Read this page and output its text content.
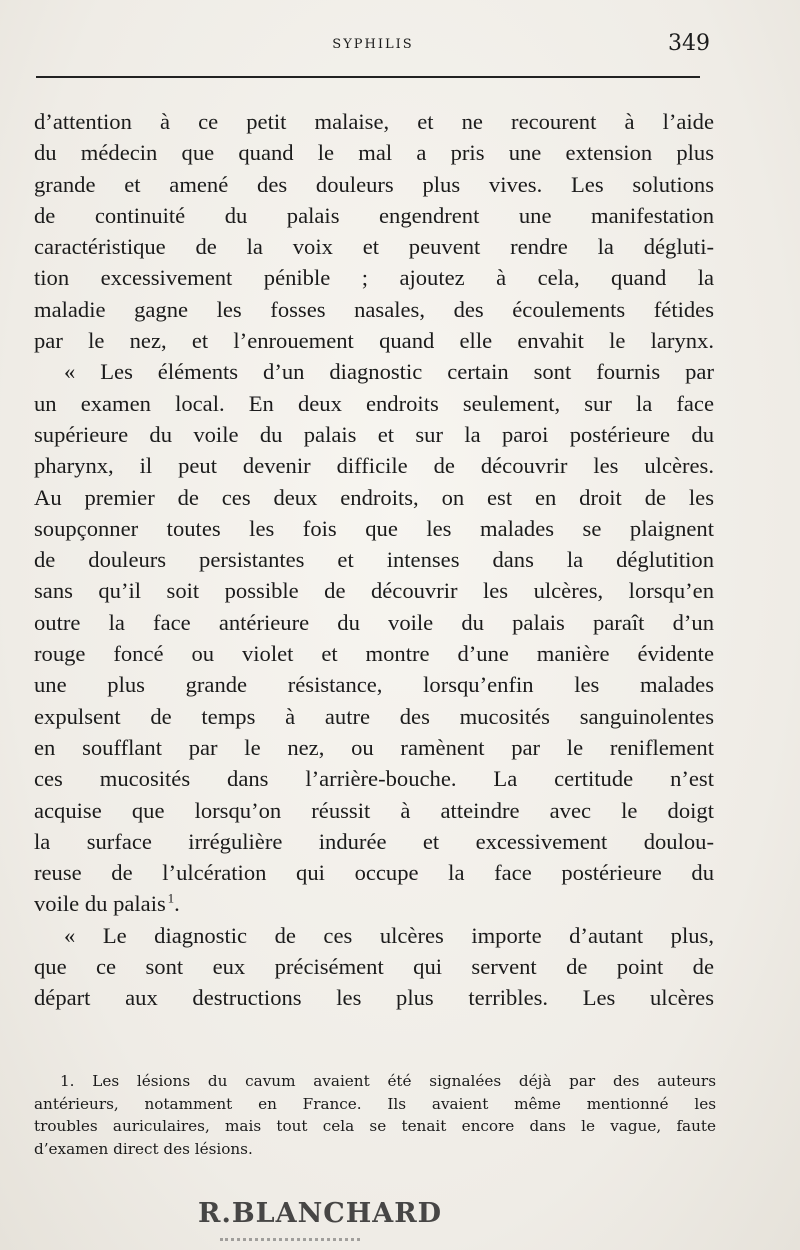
SYPHILIS	349
d’attention à ce petit malaise, et ne recourent à l’aide
du médecin que quand le mal a pris une extension plus
grande et amené des douleurs plus vives. Les solutions
de continuité du palais engendrent une manifestation
caractéristique de la voix et peuvent rendre la dégluti-
tion excessivement pénible ; ajoutez à cela, quand la
maladie gagne les fosses nasales, des écoulements fétides
par le nez, et l’enrouement quand elle envahit le larynx.
« Les éléments d’un diagnostic certain sont fournis par
un examen local. En deux endroits seulement, sur la face
supérieure du voile du palais et sur la paroi postérieure du
pharynx, il peut devenir difficile de découvrir les ulcères.
Au premier de ces deux endroits, on est en droit de les
soupçonner toutes les fois que les malades se plaignent
de douleurs persistantes et intenses dans la déglutition
sans qu’il soit possible de découvrir les ulcères, lorsqu’en
outre la face antérieure du voile du palais paraît d’un
rouge foncé ou violet et montre d’une manière évidente
une plus grande résistance, lorsqu’enfin les malades
expulsent de temps à autre des mucosités sanguinolentes
en soufflant par le nez, ou ramènent par le reniflement
ces mucosités dans l’arrière-bouche. La certitude n’est
acquise que lorsqu’on réussit à atteindre avec le doigt
la surface irrégulière indurée et excessivement doulou-
reuse de l’ulcération qui occupe la face postérieure du
voile du palais  $^1$.
« Le diagnostic de ces ulcères importe d’autant plus,
que ce sont eux précisément qui servent de point de
départ aux destructions les plus terribles. Les ulcères
1. Les lésions du cavum avaient été signalées déjà par des auteurs
antérieurs, notamment en France. Ils avaient même mentionné les
troubles auriculaires, mais tout cela se tenait encore dans le vague, faute
d’examen direct des lésions.
R.BLANCHARD
